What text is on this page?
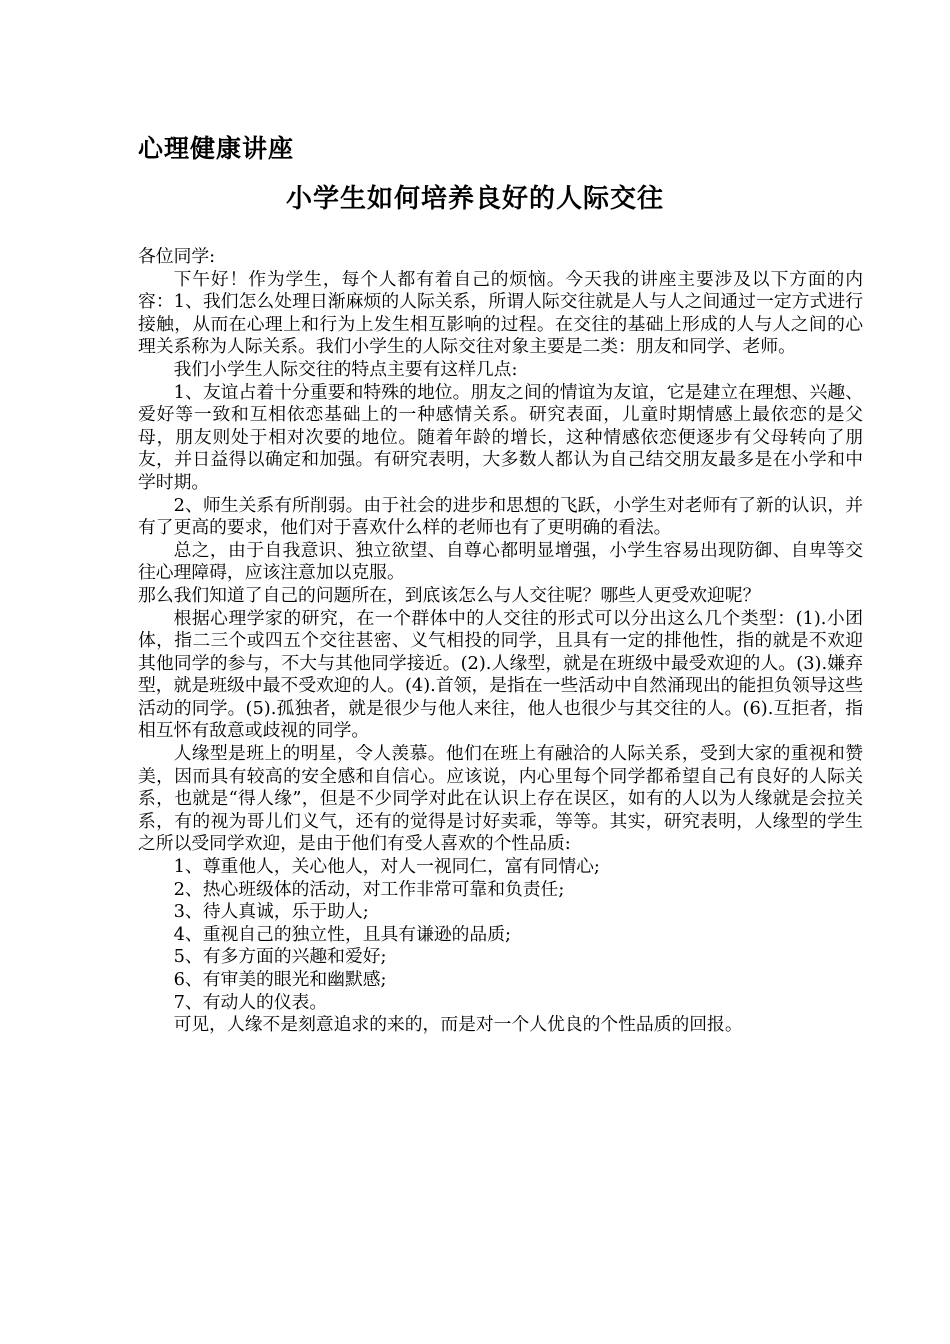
心理健康讲座
小学生如何培养良好的人际交往

各位同学:

下午好！作为学生，每个人都有着自己的烦恼。今天我的讲座主要涉及以下方面的内容：1、我们怎么处理日渐麻烦的人际关系，所谓人际交往就是人与人之间通过一定方式进行接触，从而在心理上和行为上发生相互影响的过程。在交往的基础上形成的人与人之间的心理关系称为人际关系。我们小学生的人际交往对象主要是二类：朋友和同学、老师。

我们小学生人际交往的特点主要有这样几点:

1、友谊占着十分重要和特殊的地位。朋友之间的情谊为友谊，它是建立在理想、兴趣、爱好等一致和互相依恋基础上的一种感情关系。研究表面，儿童时期情感上最依恋的是父母，朋友则处于相对次要的地位。随着年龄的增长，这种情感依恋便逐步有父母转向了朋友，并日益得以确定和加强。有研究表明，大多数人都认为自己结交朋友最多是在小学和中学时期。

2、师生关系有所削弱。由于社会的进步和思想的飞跃，小学生对老师有了新的认识，并有了更高的要求，他们对于喜欢什么样的老师也有了更明确的看法。

总之，由于自我意识、独立欲望、自尊心都明显增强，小学生容易出现防御、自卑等交往心理障碍，应该注意加以克服。

那么我们知道了自己的问题所在，到底该怎么与人交往呢？哪些人更受欢迎呢？

根据心理学家的研究，在一个群体中的人交往的形式可以分出这么几个类型：(1).小团体，指二三个或四五个交往甚密、义气相投的同学，且具有一定的排他性，指的就是不欢迎其他同学的参与，不大与其他同学接近。(2).人缘型，就是在班级中最受欢迎的人。(3).嫌弃型，就是班级中最不受欢迎的人。(4).首领，是指在一些活动中自然涌现出的能担负领导这些活动的同学。(5).孤独者，就是很少与他人来往，他人也很少与其交往的人。(6).互拒者，指相互怀有敌意或歧视的同学。

人缘型是班上的明星，令人羡慕。他们在班上有融洽的人际关系，受到大家的重视和赞美，因而具有较高的安全感和自信心。应该说，内心里每个同学都希望自己有良好的人际关系，也就是“得人缘”，但是不少同学对此在认识上存在误区，如有的人以为人缘就是会拉关系，有的视为哥儿们义气，还有的觉得是讨好卖乖，等等。其实，研究表明，人缘型的学生之所以受同学欢迎，是由于他们有受人喜欢的个性品质:

1、尊重他人，关心他人，对人一视同仁，富有同情心;

2、热心班级体的活动，对工作非常可靠和负责任;

3、待人真诚，乐于助人;

4、重视自己的独立性，且具有谦逊的品质;

5、有多方面的兴趣和爱好;

6、有审美的眼光和幽默感;

7、有动人的仪表。

可见，人缘不是刻意追求的来的，而是对一个人优良的个性品质的回报。
